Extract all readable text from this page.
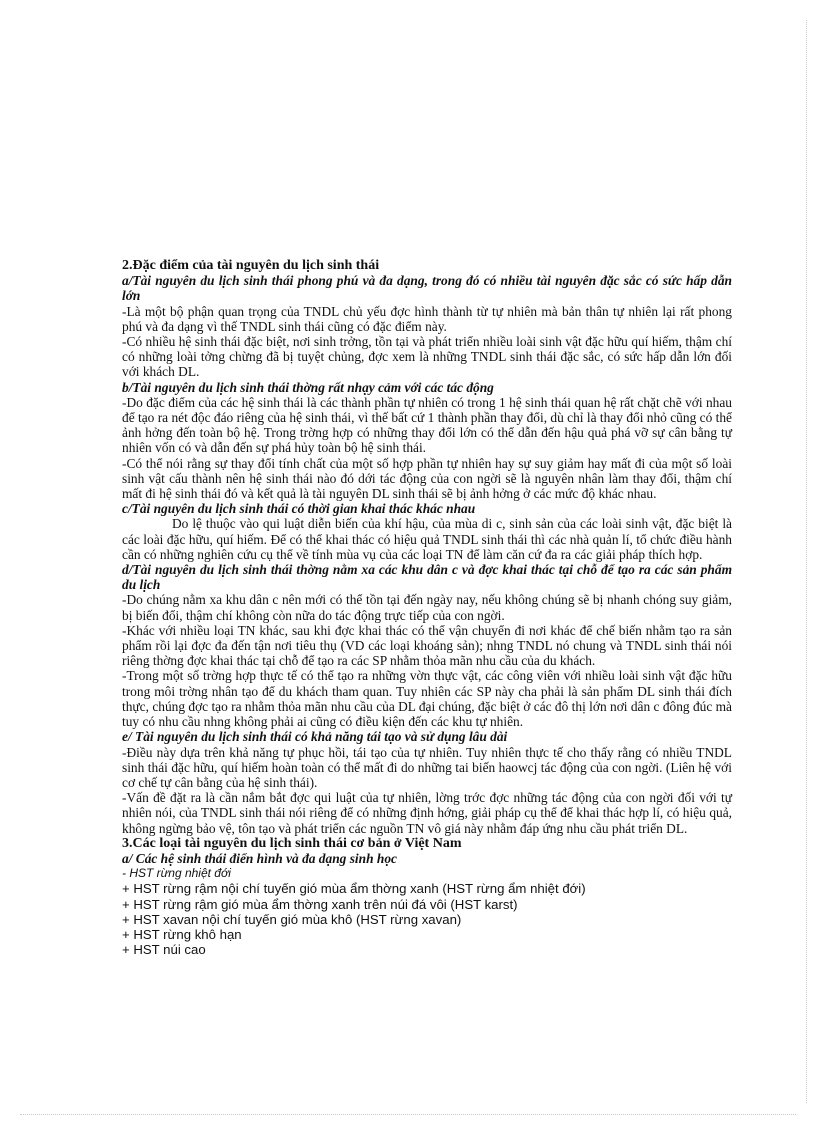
2.Đặc điểm của tài nguyên du lịch sinh thái

a/Tài nguyên du lịch sinh thái phong phú và đa dạng, trong đó có nhiều tài nguyên đặc sắc có sức hấp dẫn lớn

-Là một bộ phận quan trọng của TNDL chủ yếu đợc hình thành từ tự nhiên mà bản thân tự nhiên lại rất phong phú và đa dạng vì thế TNDL sinh thái cũng có đặc điểm này.

-Có nhiều hệ sinh thái đặc biệt, nơi sinh trởng, tồn tại và phát triển nhiều loài sinh vật đặc hữu quí hiếm, thậm chí có những loài tởng chừng đã bị tuyệt chủng, đợc xem là những TNDL sinh thái đặc sắc, có sức hấp dẫn lớn đối với khách DL.

b/Tài nguyên du lịch sinh thái thờng rất nhạy cảm với các tác động

-Do đặc điểm của các hệ sinh thái là các thành phần tự nhiên có trong 1 hệ sinh thái quan hệ rất chặt chẽ với nhau để tạo ra nét độc đáo riêng của hệ sinh thái, vì thế bất cứ 1 thành phần thay đổi, dù chỉ là thay đổi nhỏ cũng có thể ảnh hởng đến toàn bộ hệ. Trong trờng hợp có những thay đổi lớn có thể dẫn đến hậu quả phá vỡ sự cân bằng tự nhiên vốn có và dẫn đến sự phá hủy toàn bộ hệ sinh thái.

-Có thể nói rằng sự thay đổi tính chất của một số hợp phần tự nhiên hay sự suy giảm hay mất đi của một số loài sinh vật cấu thành nên hệ sinh thái nào đó dới tác động của con ngời sẽ là nguyên nhân làm thay đổi, thậm chí mất đi hệ sinh thái đó và kết quả là tài nguyên DL sinh thái sẽ bị ảnh hởng ở các mức độ khác nhau.

c/Tài nguyên du lịch sinh thái có thời gian khai thác khác nhau

Do lệ thuộc vào qui luật diễn biến của khí hậu, của mùa di c, sinh sản của các loài sinh vật, đặc biệt là các loài đặc hữu, quí hiếm. Để có thể khai thác có hiệu quả TNDL sinh thái thì các nhà quản lí, tổ chức điều hành cần có những nghiên cứu cụ thể về tính mùa vụ của các loại TN để làm căn cứ đa ra các giải pháp thích hợp.

d/Tài nguyên du lịch sinh thái thờng nằm xa các khu dân c và đợc khai thác tại chỗ để tạo ra các sản phẩm du lịch

-Do chúng nằm xa khu dân c nên mới có thể tồn tại đến ngày nay, nếu không chúng sẽ bị nhanh chóng suy giảm, bị biến đổi, thậm chí không còn nữa do tác động trực tiếp của con ngời.

-Khác với nhiều loại TN khác, sau khi đợc khai thác có thể vận chuyển đi nơi khác để chế biến nhằm tạo ra sản phẩm rồi lại đợc đa đến tận nơi tiêu thụ (VD các loại khoáng sản); nhng TNDL nó chung và TNDL sinh thái nói riêng thờng đợc khai thác tại chỗ để tạo ra các SP nhằm thỏa mãn nhu cầu của du khách.

-Trong một số trờng hợp thực tế có thể tạo ra những vờn thực vật, các công viên với nhiều loài sinh vật đặc hữu trong môi trờng nhân tạo để du khách tham quan. Tuy nhiên các SP này cha phải là sản phẩm DL sinh thái đích thực, chúng đợc tạo ra nhằm thỏa mãn nhu cầu của DL đại chúng, đặc biệt ở các đô thị lớn nơi dân c đông đúc mà tuy có nhu cầu nhng không phải ai cũng có điều kiện đến các khu tự nhiên.

e/ Tài nguyên du lịch sinh thái có khả năng tái tạo và sử dụng lâu dài

-Điều này dựa trên khả năng tự phục hồi, tái tạo của tự nhiên. Tuy nhiên thực tế cho thấy rằng có nhiều TNDL sinh thái đặc hữu, quí hiếm hoàn toàn có thể mất đi do những tai biến haowcj tác động của con ngời. (Liên hệ với cơ chế tự cân bằng của hệ sinh thái).

-Vấn đề đặt ra là cần nắm bắt đợc qui luật của tự nhiên, lờng trớc đợc những tác động của con ngời đối với tự nhiên nói, của TNDL sinh thái nói riêng để có những định hớng, giải pháp cụ thể để khai thác hợp lí, có hiệu quả, không ngừng bảo vệ, tôn tạo và phát triển các nguồn TN vô giá này nhằm đáp ứng nhu cầu phát triển DL.

3.Các loại tài nguyên du lịch sinh thái cơ bản ở Việt Nam

a/ Các hệ sinh thái điển hình và đa dạng sinh học

- HST rừng nhiệt đới

+ HST rừng rậm nội chí tuyến gió mùa ẩm thờng xanh (HST rừng ẩm nhiệt đới)

+ HST rừng rậm gió mùa ẩm thờng xanh trên núi đá vôi (HST karst)

+ HST xavan nội chí tuyến gió mùa khô (HST rừng xavan)

+ HST rừng khô hạn

+ HST núi cao
